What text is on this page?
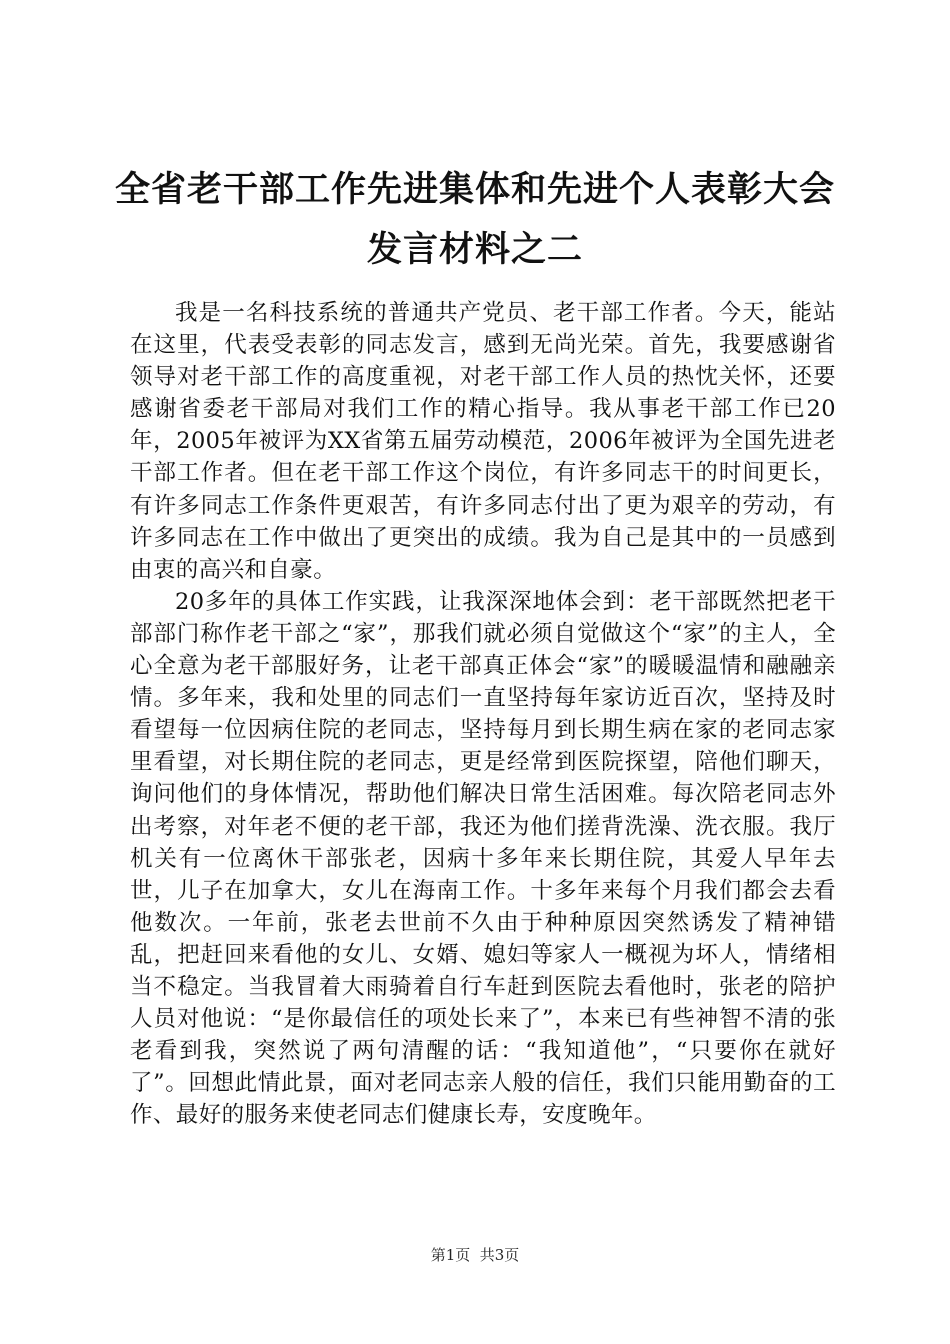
全省老干部工作先进集体和先进个人表彰大会
发言材料之二

我是一名科技系统的普通共产党员、老干部工作者。今天，能站在这里，代表受表彰的同志发言，感到无尚光荣。首先，我要感谢省领导对老干部工作的高度重视，对老干部工作人员的热忱关怀，还要感谢省委老干部局对我们工作的精心指导。我从事老干部工作已20年，2005年被评为XX省第五届劳动模范，2006年被评为全国先进老干部工作者。但在老干部工作这个岗位，有许多同志干的时间更长，有许多同志工作条件更艰苦，有许多同志付出了更为艰辛的劳动，有许多同志在工作中做出了更突出的成绩。我为自己是其中的一员感到由衷的高兴和自豪。

20多年的具体工作实践，让我深深地体会到：老干部既然把老干部部门称作老干部之“家”，那我们就必须自觉做这个“家”的主人，全心全意为老干部服好务，让老干部真正体会“家”的暖暖温情和融融亲情。多年来，我和处里的同志们一直坚持每年家访近百次，坚持及时看望每一位因病住院的老同志，坚持每月到长期生病在家的老同志家里看望，对长期住院的老同志，更是经常到医院探望，陪他们聊天，询问他们的身体情况，帮助他们解决日常生活困难。每次陪老同志外出考察，对年老不便的老干部，我还为他们搓背洗澡、洗衣服。我厅机关有一位离休干部张老，因病十多年来长期住院，其爱人早年去世，儿子在加拿大，女儿在海南工作。十多年来每个月我们都会去看他数次。一年前，张老去世前不久由于种种原因突然诱发了精神错乱，把赶回来看他的女儿、女婿、媳妇等家人一概视为坏人，情绪相当不稳定。当我冒着大雨骑着自行车赶到医院去看他时，张老的陪护人员对他说：“是你最信任的项处长来了”，本来已有些神智不清的张老看到我，突然说了两句清醒的话：“我知道他”，“只要你在就好了”。回想此情此景，面对老同志亲人般的信任，我们只能用勤奋的工作、最好的服务来使老同志们健康长寿，安度晚年。

第1页  共3页
